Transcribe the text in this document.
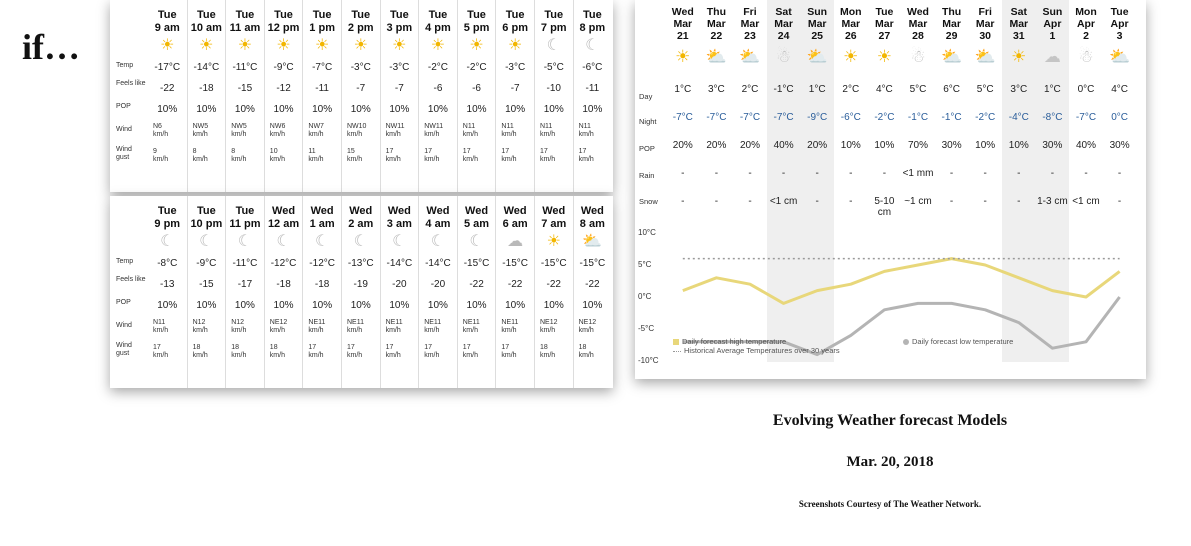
if…	Temp
Feels like
POP
Wind
Wind gust
Tue
9 am
☀
-17°C
-22
10%
N6
km/h
9
km/h
Tue
10 am
☀
-14°C
-18
10%
NW5
km/h
8
km/h
Tue
11 am
☀
-11°C
-15
10%
NW5
km/h
8
km/h
Tue
12 pm
☀
-9°C
-12
10%
NW6
km/h
10
km/h
Tue
1 pm
☀
-7°C
-11
10%
NW7
km/h
11
km/h
Tue
2 pm
☀
-3°C
-7
10%
NW10
km/h
15
km/h
Tue
3 pm
☀
-3°C
-7
10%
NW11
km/h
17
km/h
Tue
4 pm
☀
-2°C
-6
10%
NW11
km/h
17
km/h
Tue
5 pm
☀
-2°C
-6
10%
N11
km/h
17
km/h
Tue
6 pm
☀
-3°C
-7
10%
N11
km/h
17
km/h
Tue
7 pm
☾
-5°C
-10
10%
N11
km/h
17
km/h
Tue
8 pm
☾
-6°C
-11
10%
N11
km/h
17
km/h
Temp
Feels like
POP
Wind
Wind gust
Tue
9 pm
☾
-8°C
-13
10%
N11
km/h
17
km/h
Tue
10 pm
☾
-9°C
-15
10%
N12
km/h
18
km/h
Tue
11 pm
☾
-11°C
-17
10%
N12
km/h
18
km/h
Wed
12 am
☾
-12°C
-18
10%
NE12
km/h
18
km/h
Wed
1 am
☾
-12°C
-18
10%
NE11
km/h
17
km/h
Wed
2 am
☾
-13°C
-19
10%
NE11
km/h
17
km/h
Wed
3 am
☾
-14°C
-20
10%
NE11
km/h
17
km/h
Wed
4 am
☾
-14°C
-20
10%
NE11
km/h
17
km/h
Wed
5 am
☾
-15°C
-22
10%
NE11
km/h
17
km/h
Wed
6 am
☁
-15°C
-22
10%
NE11
km/h
17
km/h
Wed
7 am
☀
-15°C
-22
10%
NE12
km/h
18
km/h
Wed
8 am
⛅
-15°C
-22
10%
NE12
km/h
18
km/h
Day
Night
POP
Rain
Snow
Wed
Mar
21
☀
1°C
-7°C
20%
-
-
Thu
Mar
22
⛅
3°C
-7°C
20%
-
-
Fri
Mar
23
⛅
2°C
-7°C
20%
-
-
Sat
Mar
24
☃
-1°C
-7°C
40%
-
<1 cm
Sun
Mar
25
⛅
1°C
-9°C
20%
-
-
Mon
Mar
26
☀
2°C
-6°C
10%
-
-
Tue
Mar
27
☀
4°C
-2°C
10%
-
5-10 cm
Wed
Mar
28
☃
5°C
-1°C
70%
<1 mm
~1 cm
Thu
Mar
29
⛅
6°C
-1°C
30%
-
-
Fri
Mar
30
⛅
5°C
-2°C
10%
-
-
Sat
Mar
31
☀
3°C
-4°C
10%
-
-
Sun
Apr
1
☁
1°C
-8°C
30%
-
1-3 cm
Mon
Apr
2
☃
0°C
-7°C
40%
-
<1 cm
Tue
Apr
3
⛅
4°C
0°C
30%
-
-
10°C
5°C
0°C
-5°C
-10°C
Daily forecast high temperature	Daily forecast low temperature
Historical Average Temperatures over 30 years
Evolving Weather forecast Models
Mar. 20, 2018
Screenshots Courtesy of The Weather Network.
